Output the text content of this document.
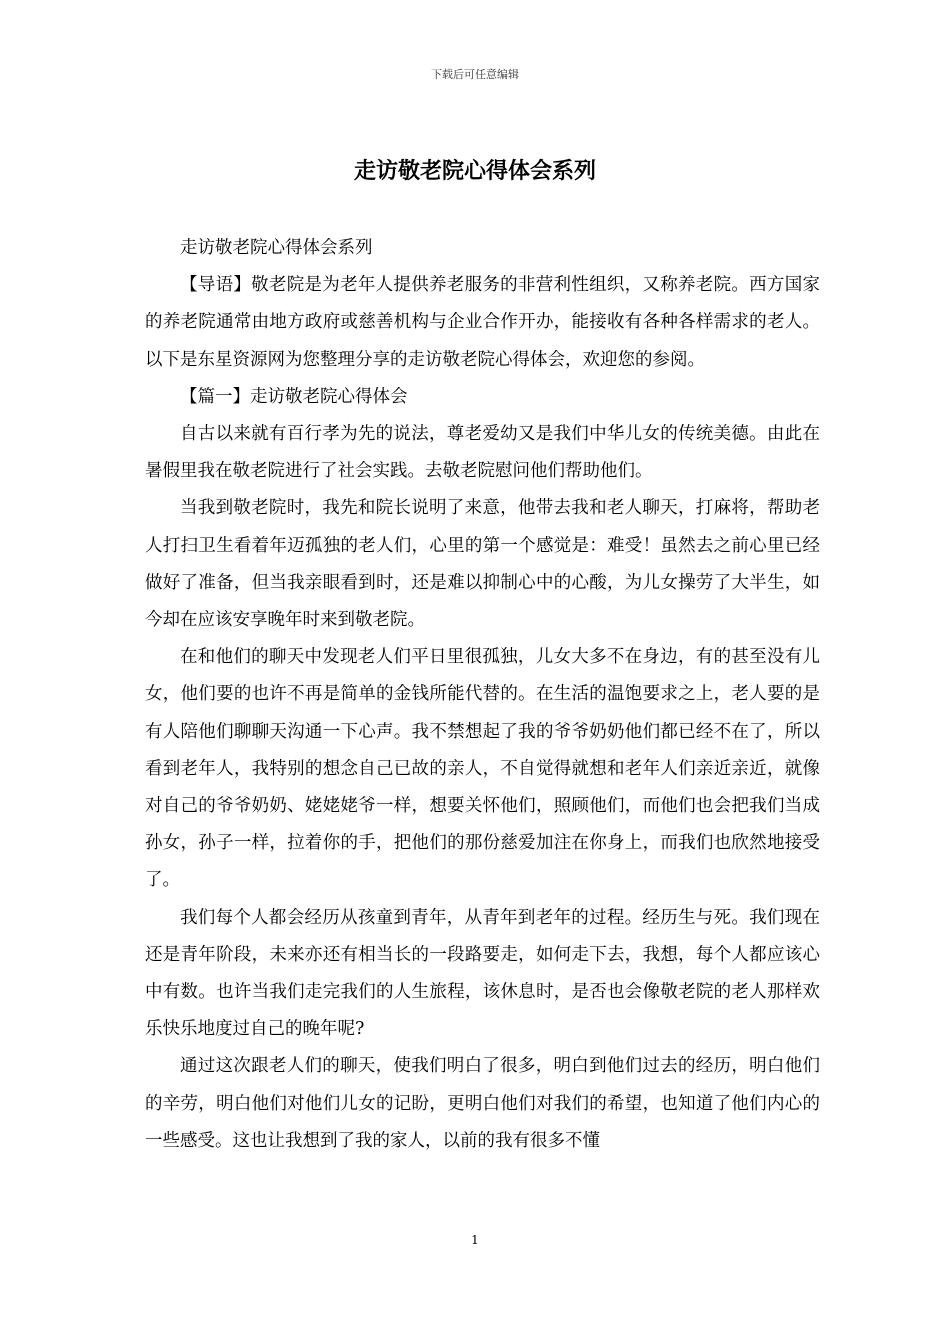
下载后可任意编辑
走访敬老院心得体会系列

走访敬老院心得体会系列

【导语】敬老院是为老年人提供养老服务的非营利性组织，又称养老院。西方国家的养老院通常由地方政府或慈善机构与企业合作开办，能接收有各种各样需求的老人。以下是东星资源网为您整理分享的走访敬老院心得体会，欢迎您的参阅。

【篇一】走访敬老院心得体会

自古以来就有百行孝为先的说法，尊老爱幼又是我们中华儿女的传统美德。由此在暑假里我在敬老院进行了社会实践。去敬老院慰问他们帮助他们。

当我到敬老院时，我先和院长说明了来意，他带去我和老人聊天，打麻将，帮助老人打扫卫生看着年迈孤独的老人们，心里的第一个感觉是：难受！虽然去之前心里已经做好了准备，但当我亲眼看到时，还是难以抑制心中的心酸，为儿女操劳了大半生，如今却在应该安享晚年时来到敬老院。

在和他们的聊天中发现老人们平日里很孤独，儿女大多不在身边，有的甚至没有儿女，他们要的也许不再是简单的金钱所能代替的。在生活的温饱要求之上，老人要的是有人陪他们聊聊天沟通一下心声。我不禁想起了我的爷爷奶奶他们都已经不在了，所以看到老年人，我特别的想念自己已故的亲人，不自觉得就想和老年人们亲近亲近，就像对自己的爷爷奶奶、姥姥姥爷一样，想要关怀他们，照顾他们，而他们也会把我们当成孙女，孙子一样，拉着你的手，把他们的那份慈爱加注在你身上，而我们也欣然地接受了。

我们每个人都会经历从孩童到青年，从青年到老年的过程。经历生与死。我们现在还是青年阶段，未来亦还有相当长的一段路要走，如何走下去，我想，每个人都应该心中有数。也许当我们走完我们的人生旅程，该休息时，是否也会像敬老院的老人那样欢乐快乐地度过自己的晚年呢?

通过这次跟老人们的聊天，使我们明白了很多，明白到他们过去的经历，明白他们的辛劳，明白他们对他们儿女的记盼，更明白他们对我们的希望，也知道了他们内心的一些感受。这也让我想到了我的家人，以前的我有很多不懂

1
